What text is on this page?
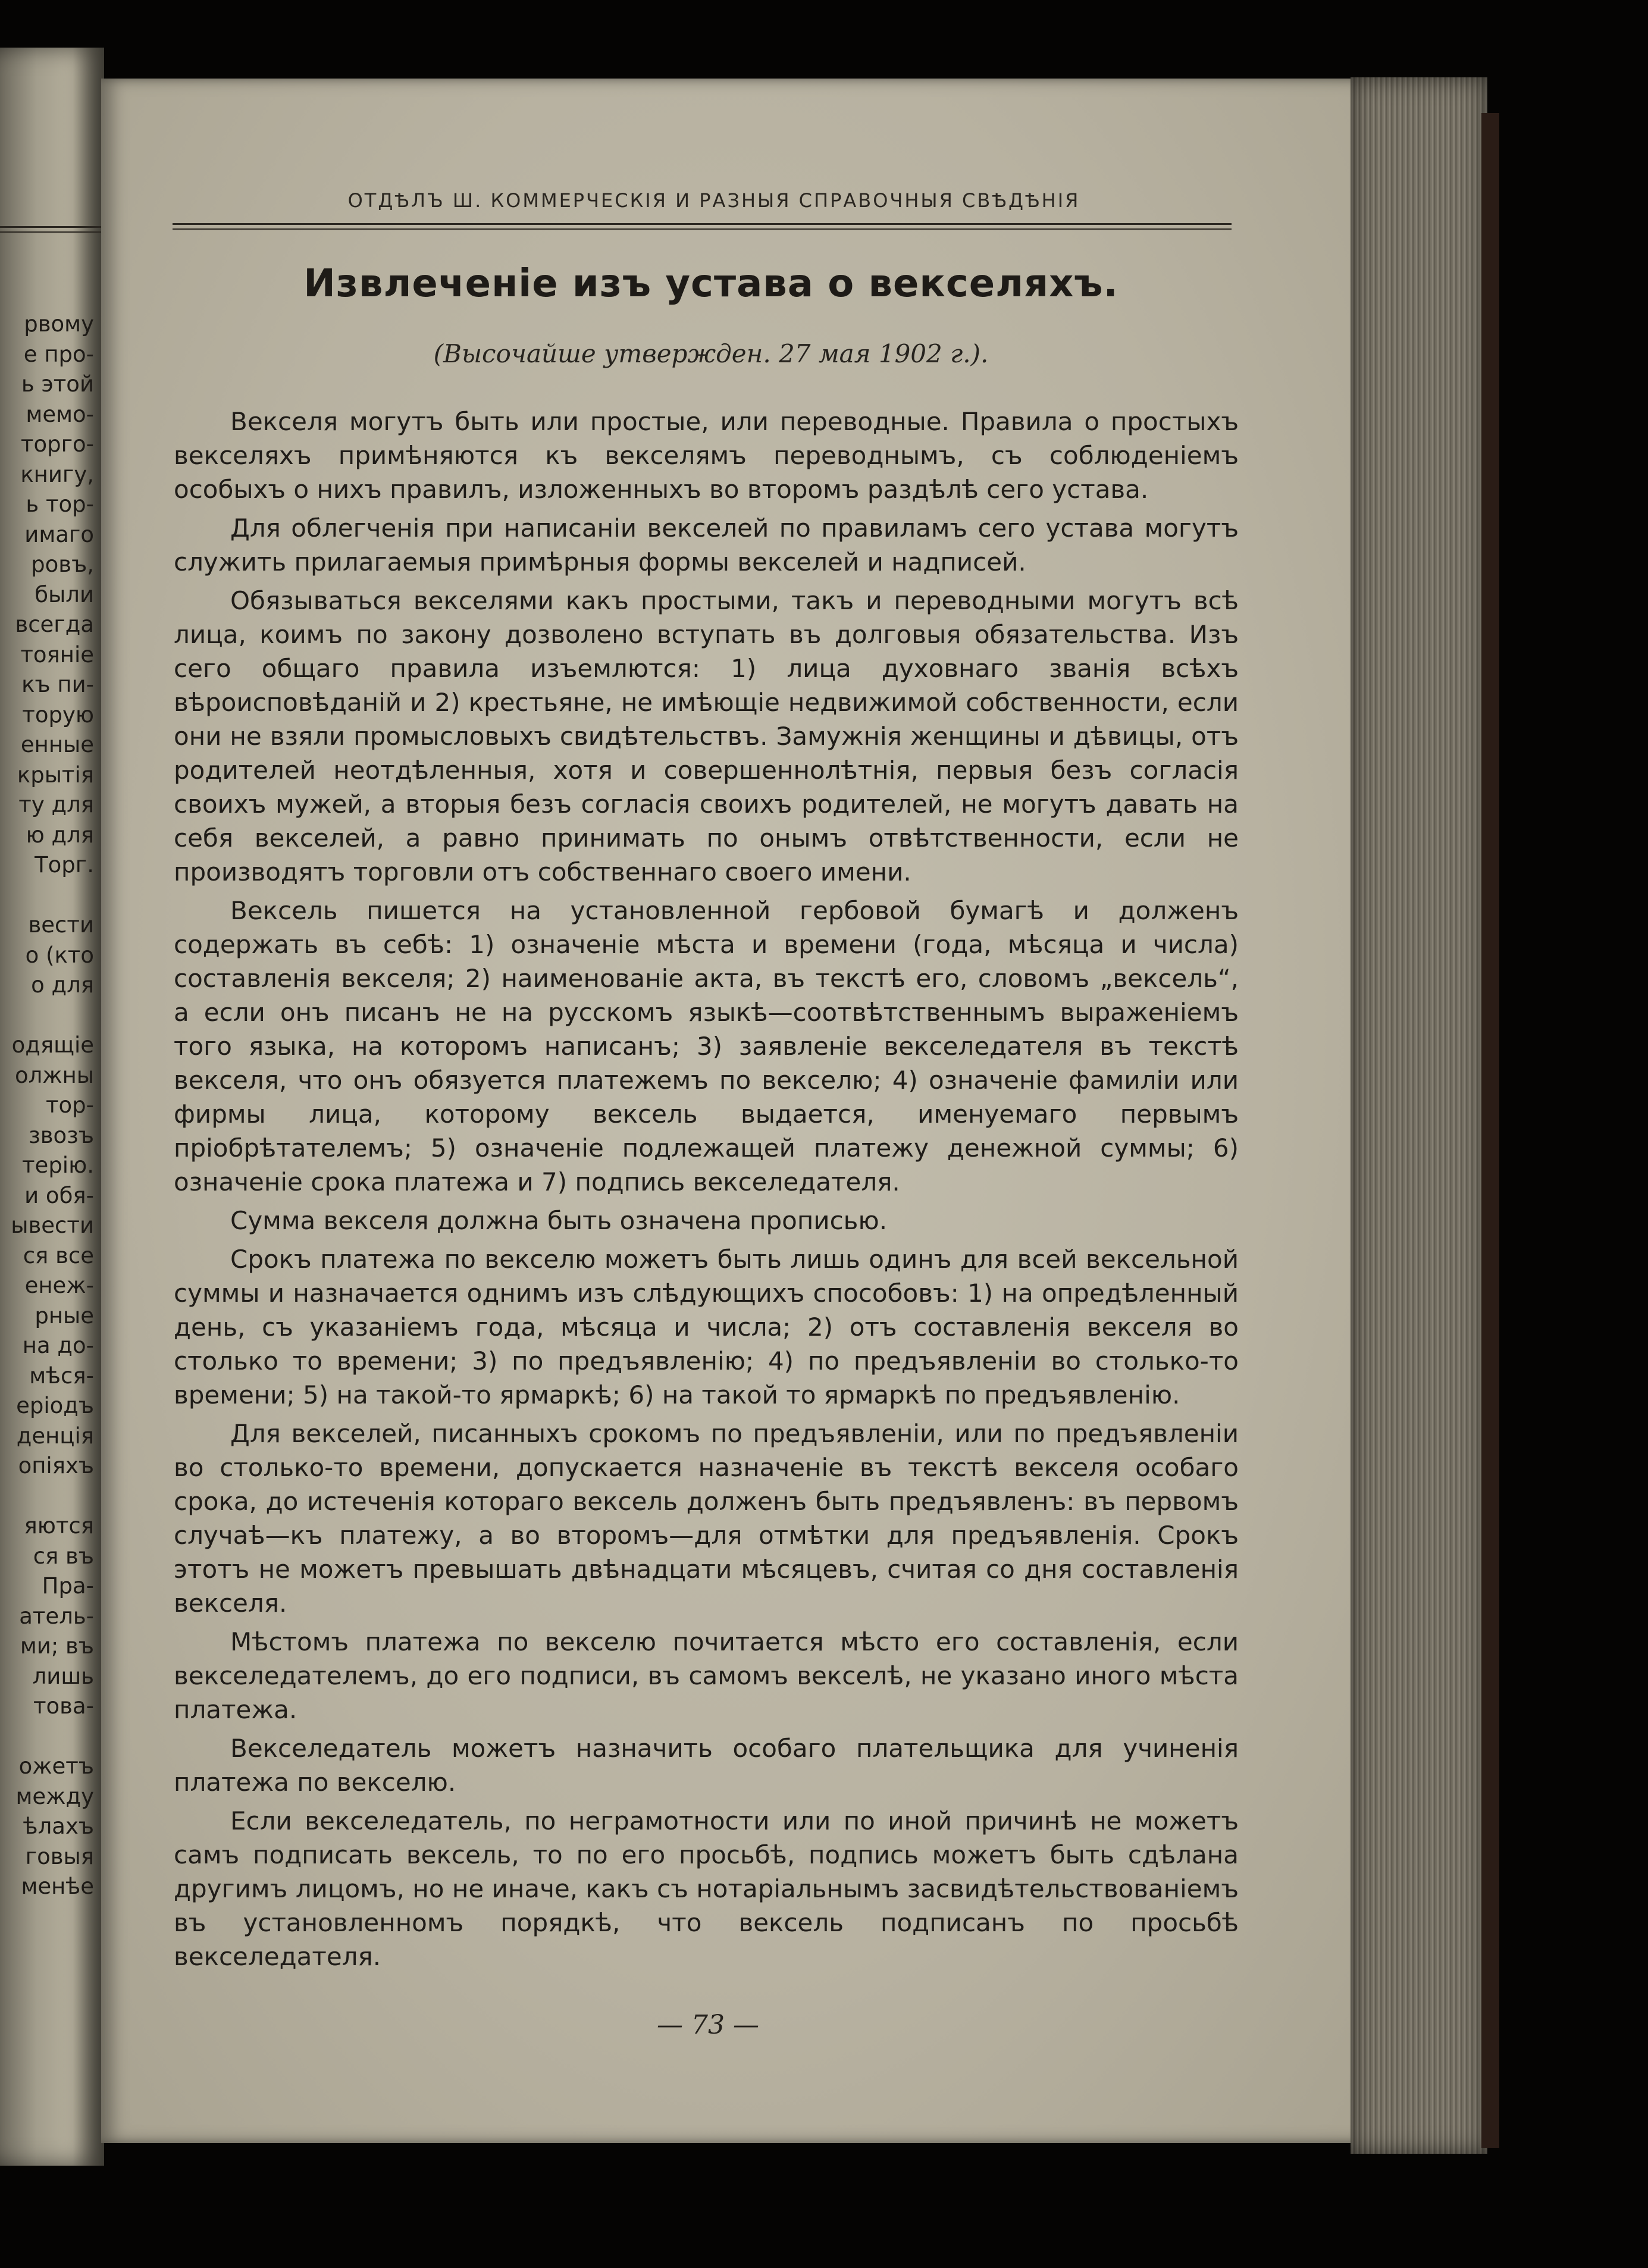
рвому
е про-
ь этой
мемо-
торго-
книгу,
ь тор-
имаго
ровъ,
были
всегда
тояніе
къ пи-
торую
енные
крытія
ту для
ю для
Торг.
вести
о (кто
о для
одящіе
олжны
тор-
звозъ
терію.
и обя-
ывести
ся все
енеж-
рные
на до-
мѣся-
еріодъ
денція
опіяхъ
яются
ся въ
Пра-
атель-
ми; въ
лишь
това-
ожетъ
между
ѣлахъ
говыя
менѣе
ОТДѢЛЪ Ш. КОММЕРЧЕСКІЯ И РАЗНЫЯ СПРАВОЧНЫЯ СВѢДѢНІЯ
Извлеченіе изъ устава о векселяхъ.
(Высочайше утвержден. 27 мая 1902 г.).

Векселя могутъ быть или простые, или переводные. Правила о простыхъ векселяхъ примѣняются къ векселямъ переводнымъ, съ соблюденіемъ особыхъ о нихъ правилъ, изложенныхъ во второмъ раздѣлѣ сего устава.

Для облегченія при написаніи векселей по правиламъ сего устава могутъ служить прилагаемыя примѣрныя формы векселей и надписей.

Обязываться векселями какъ простыми, такъ и переводными могутъ всѣ лица, коимъ по закону дозволено вступать въ долговыя обязательства. Изъ сего общаго правила изъемлются: 1) лица духовнаго званія всѣхъ вѣроисповѣданій и 2) крестьяне, не имѣющіе недвижимой собственности, если они не взяли промысловыхъ свидѣтельствъ. Замужнія женщины и дѣвицы, отъ родителей неотдѣленныя, хотя и совершеннолѣтнія, первыя безъ согласія своихъ мужей, а вторыя безъ согласія своихъ родителей, не могутъ давать на себя векселей, а равно принимать по онымъ отвѣтственности, если не производятъ торговли отъ собственнаго своего имени.

Вексель пишется на установленной гербовой бумагѣ и долженъ содержать въ себѣ: 1) означеніе мѣста и времени (года, мѣсяца и числа) составленія векселя; 2) наименованіе акта, въ текстѣ его, словомъ „вексель“, а если онъ писанъ не на русскомъ языкѣ—соотвѣтственнымъ выраженіемъ того языка, на которомъ написанъ; 3) заявленіе векселедателя въ текстѣ векселя, что онъ обязуется платежемъ по векселю; 4) означеніе фамиліи или фирмы лица, которому вексель выдается, именуемаго первымъ пріобрѣтателемъ; 5) означеніе подлежащей платежу денежной суммы; 6) означеніе срока платежа и 7) подпись векселедателя.

Сумма векселя должна быть означена прописью.

Срокъ платежа по векселю можетъ быть лишь одинъ для всей вексельной суммы и назначается однимъ изъ слѣдующихъ способовъ: 1) на опредѣленный день, съ указаніемъ года, мѣсяца и числа; 2) отъ составленія векселя во столько то времени; 3) по предъявленію; 4) по предъявленіи во столько-то времени; 5) на такой-то ярмаркѣ; 6) на такой то ярмаркѣ по предъявленію.

Для векселей, писанныхъ срокомъ по предъявленіи, или по предъявленіи во столько-то времени, допускается назначеніе въ текстѣ векселя особаго срока, до истеченія котораго вексель долженъ быть предъявленъ: въ первомъ случаѣ—къ платежу, а во второмъ—для отмѣтки для предъявленія. Срокъ этотъ не можетъ превышать двѣнадцати мѣсяцевъ, считая со дня составленія векселя.

Мѣстомъ платежа по векселю почитается мѣсто его составленія, если векселедателемъ, до его подписи, въ самомъ векселѣ, не указано иного мѣста платежа.

Векселедатель можетъ назначить особаго плательщика для учиненія платежа по векселю.

Если векселедатель, по неграмотности или по иной причинѣ не можетъ самъ подписать вексель, то по его просьбѣ, подпись можетъ быть сдѣлана другимъ лицомъ, но не иначе, какъ съ нотаріальнымъ засвидѣтельствованіемъ въ установленномъ порядкѣ, что вексель подписанъ по просьбѣ векселедателя.

— 73 —
